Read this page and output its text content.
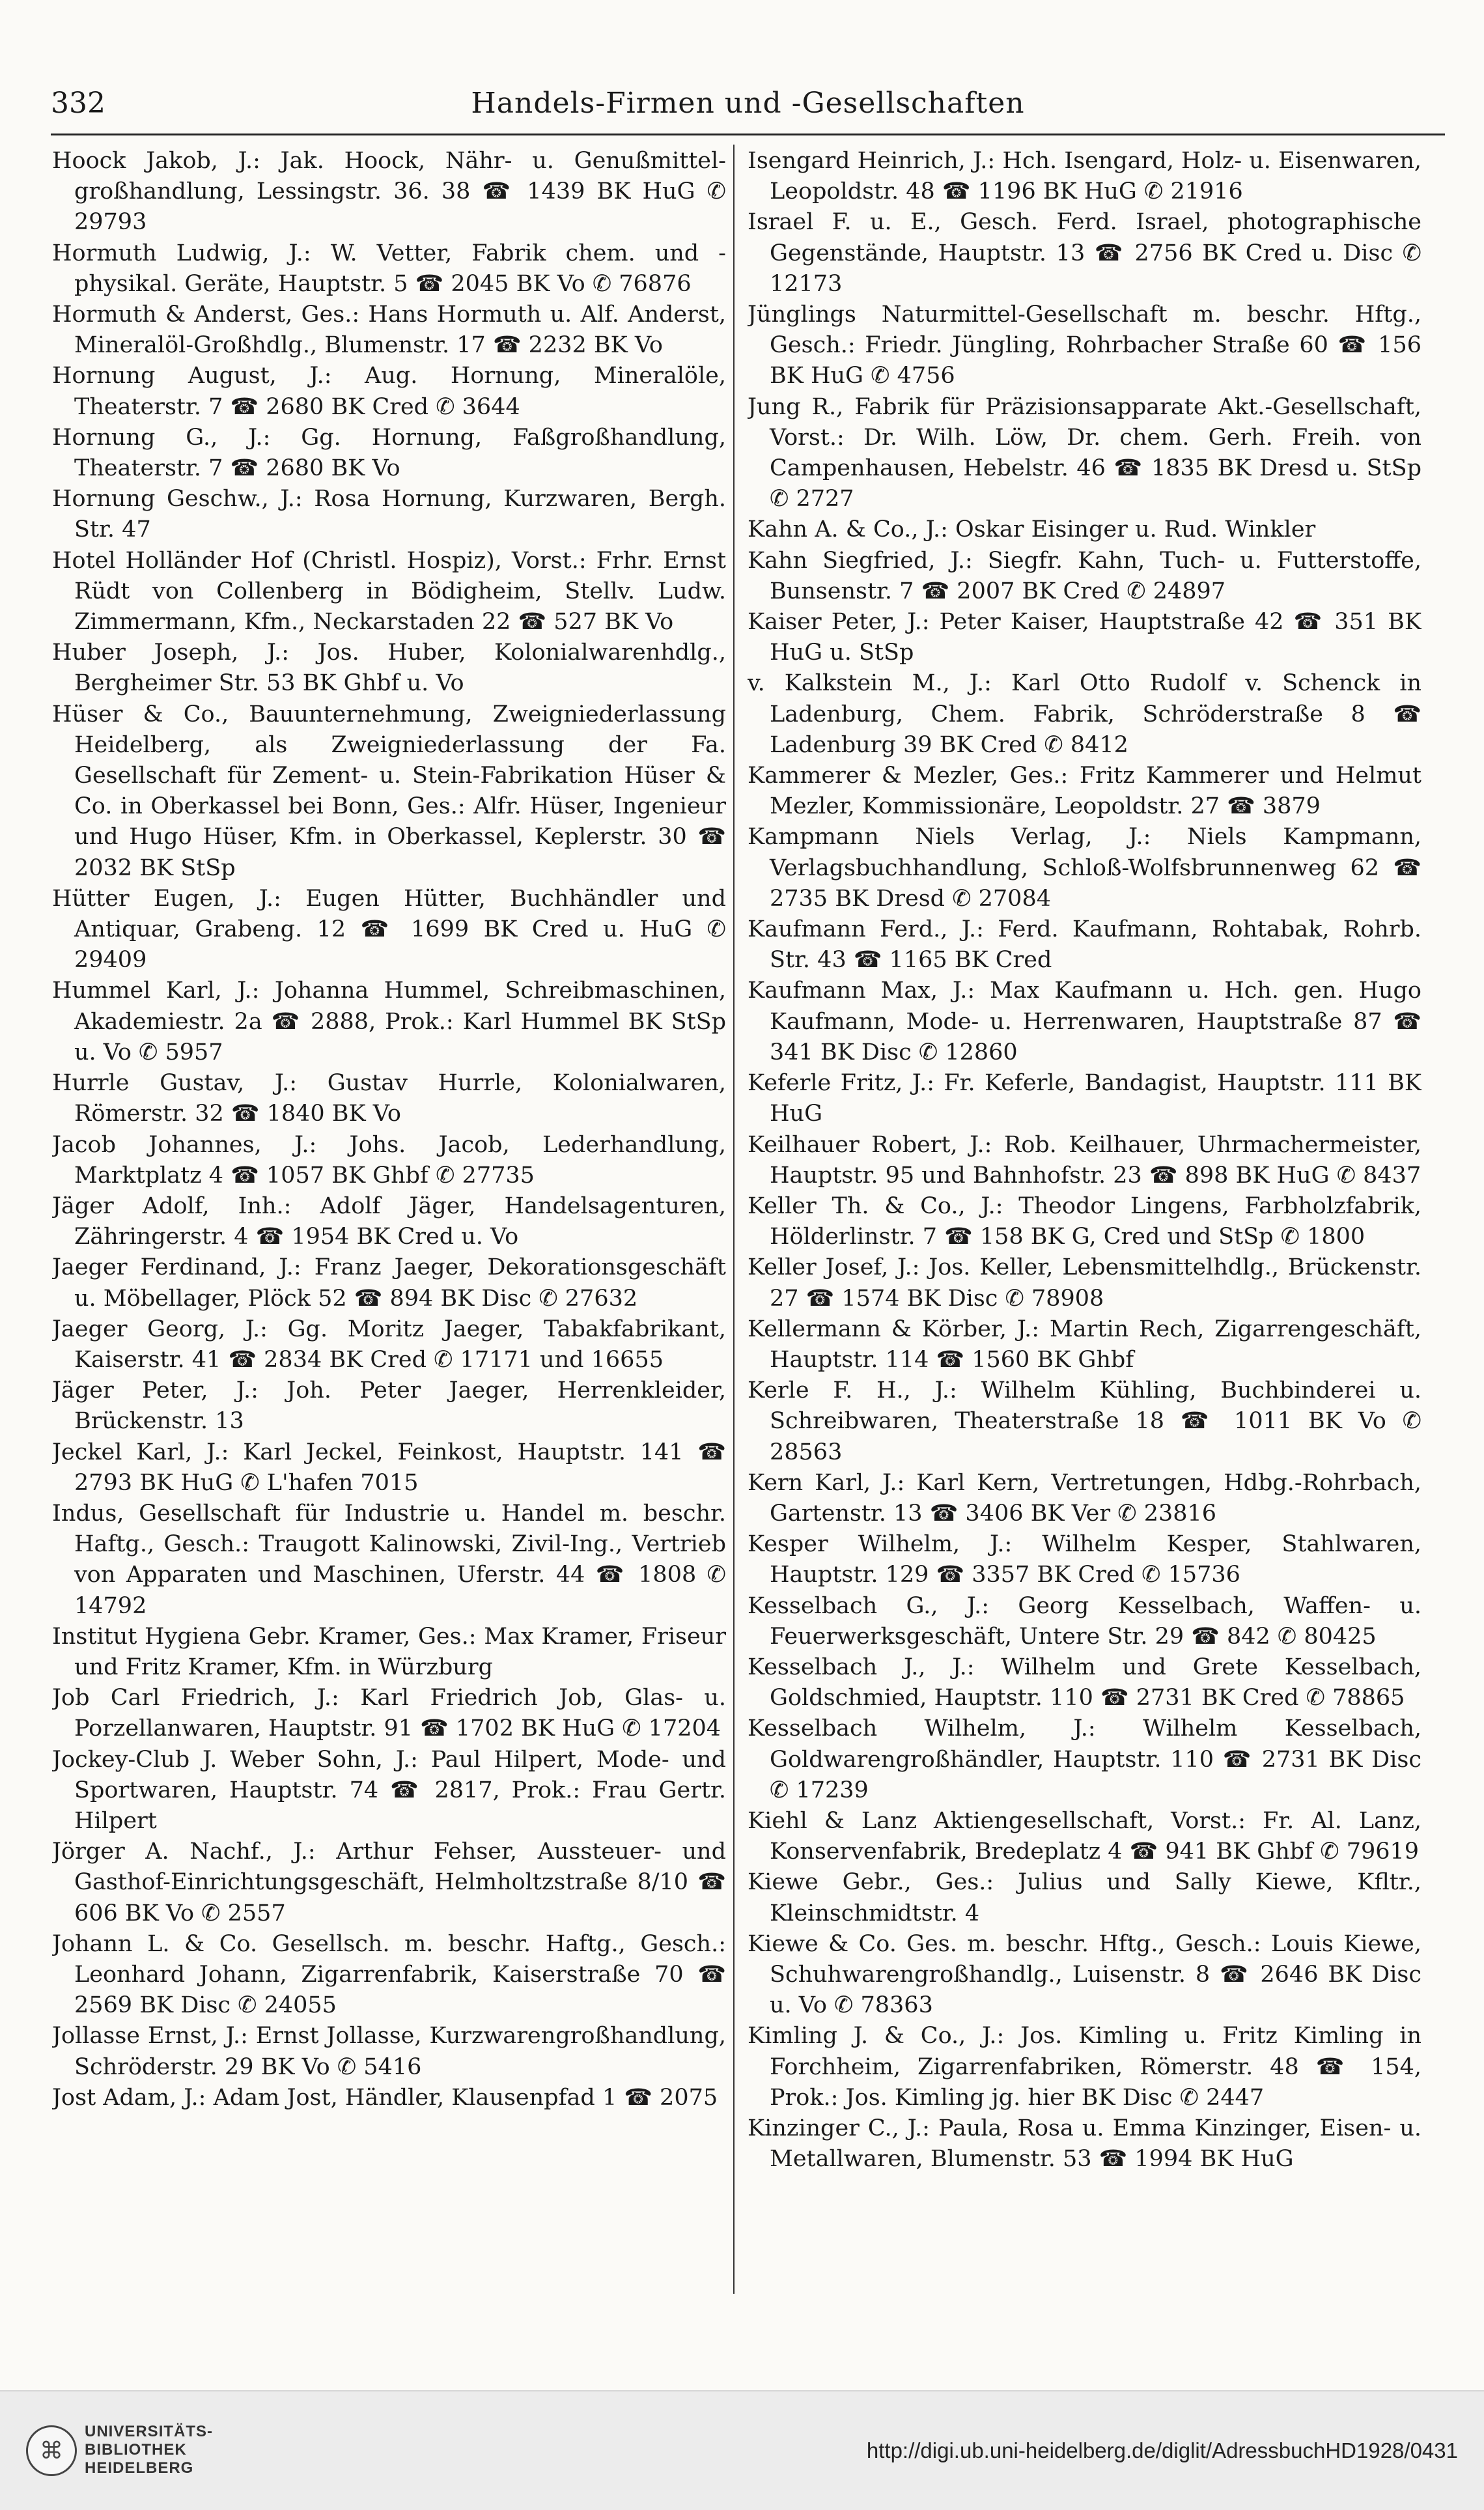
332	Handels-Firmen und -Gesellschaften

Hoock Jakob, J.: Jak. Hoock, Nähr- u. Genußmittel-großhandlung, Lessingstr. 36. 38 ☎ 1439 BK HuG ✆ 29793

Hormuth Ludwig, J.: W. Vetter, Fabrik chem. und -physikal. Geräte, Hauptstr. 5 ☎ 2045 BK Vo ✆ 76876

Hormuth & Anderst, Ges.: Hans Hormuth u. Alf. Anderst, Mineralöl-Großhdlg., Blumenstr. 17 ☎ 2232 BK Vo

Hornung August, J.: Aug. Hornung, Mineralöle, Theaterstr. 7 ☎ 2680 BK Cred ✆ 3644

Hornung G., J.: Gg. Hornung, Faßgroßhandlung, Theaterstr. 7 ☎ 2680 BK Vo

Hornung Geschw., J.: Rosa Hornung, Kurzwaren, Bergh. Str. 47

Hotel Holländer Hof (Christl. Hospiz), Vorst.: Frhr. Ernst Rüdt von Collenberg in Bödigheim, Stellv. Ludw. Zimmermann, Kfm., Neckarstaden 22 ☎ 527 BK Vo

Huber Joseph, J.: Jos. Huber, Kolonialwarenhdlg., Bergheimer Str. 53 BK Ghbf u. Vo

Hüser & Co., Bauunternehmung, Zweigniederlassung Heidelberg, als Zweigniederlassung der Fa. Gesellschaft für Zement- u. Stein-Fabrikation Hüser & Co. in Oberkassel bei Bonn, Ges.: Alfr. Hüser, Ingenieur und Hugo Hüser, Kfm. in Oberkassel, Keplerstr. 30 ☎ 2032 BK StSp

Hütter Eugen, J.: Eugen Hütter, Buchhändler und Antiquar, Grabeng. 12 ☎ 1699 BK Cred u. HuG ✆ 29409

Hummel Karl, J.: Johanna Hummel, Schreibmaschinen, Akademiestr. 2a ☎ 2888, Prok.: Karl Hummel BK StSp u. Vo ✆ 5957

Hurrle Gustav, J.: Gustav Hurrle, Kolonialwaren, Römerstr. 32 ☎ 1840 BK Vo

Jacob Johannes, J.: Johs. Jacob, Lederhandlung, Marktplatz 4 ☎ 1057 BK Ghbf ✆ 27735

Jäger Adolf, Inh.: Adolf Jäger, Handelsagenturen, Zähringerstr. 4 ☎ 1954 BK Cred u. Vo

Jaeger Ferdinand, J.: Franz Jaeger, Dekorationsgeschäft u. Möbellager, Plöck 52 ☎ 894 BK Disc ✆ 27632

Jaeger Georg, J.: Gg. Moritz Jaeger, Tabakfabrikant, Kaiserstr. 41 ☎ 2834 BK Cred ✆ 17171 und 16655

Jäger Peter, J.: Joh. Peter Jaeger, Herrenkleider, Brückenstr. 13

Jeckel Karl, J.: Karl Jeckel, Feinkost, Hauptstr. 141 ☎ 2793 BK HuG ✆ L'hafen 7015

Indus, Gesellschaft für Industrie u. Handel m. beschr. Haftg., Gesch.: Traugott Kalinowski, Zivil-Ing., Vertrieb von Apparaten und Maschinen, Uferstr. 44 ☎ 1808 ✆ 14792

Institut Hygiena Gebr. Kramer, Ges.: Max Kramer, Friseur und Fritz Kramer, Kfm. in Würzburg

Job Carl Friedrich, J.: Karl Friedrich Job, Glas- u. Porzellanwaren, Hauptstr. 91 ☎ 1702 BK HuG ✆ 17204

Jockey-Club J. Weber Sohn, J.: Paul Hilpert, Mode- und Sportwaren, Hauptstr. 74 ☎ 2817, Prok.: Frau Gertr. Hilpert

Jörger A. Nachf., J.: Arthur Fehser, Aussteuer- und Gasthof-Einrichtungsgeschäft, Helmholtzstraße 8/10 ☎ 606 BK Vo ✆ 2557

Johann L. & Co. Gesellsch. m. beschr. Haftg., Gesch.: Leonhard Johann, Zigarrenfabrik, Kaiserstraße 70 ☎ 2569 BK Disc ✆ 24055

Jollasse Ernst, J.: Ernst Jollasse, Kurzwarengroßhandlung, Schröderstr. 29 BK Vo ✆ 5416

Jost Adam, J.: Adam Jost, Händler, Klausenpfad 1 ☎ 2075

Isengard Heinrich, J.: Hch. Isengard, Holz- u. Eisenwaren, Leopoldstr. 48 ☎ 1196 BK HuG ✆ 21916

Israel F. u. E., Gesch. Ferd. Israel, photographische Gegenstände, Hauptstr. 13 ☎ 2756 BK Cred u. Disc ✆ 12173

Jünglings Naturmittel-Gesellschaft m. beschr. Hftg., Gesch.: Friedr. Jüngling, Rohrbacher Straße 60 ☎ 156 BK HuG ✆ 4756

Jung R., Fabrik für Präzisionsapparate Akt.-Gesellschaft, Vorst.: Dr. Wilh. Löw, Dr. chem. Gerh. Freih. von Campenhausen, Hebelstr. 46 ☎ 1835 BK Dresd u. StSp ✆ 2727

Kahn A. & Co., J.: Oskar Eisinger u. Rud. Winkler

Kahn Siegfried, J.: Siegfr. Kahn, Tuch- u. Futterstoffe, Bunsenstr. 7 ☎ 2007 BK Cred ✆ 24897

Kaiser Peter, J.: Peter Kaiser, Hauptstraße 42 ☎ 351 BK HuG u. StSp

v. Kalkstein M., J.: Karl Otto Rudolf v. Schenck in Ladenburg, Chem. Fabrik, Schröderstraße 8 ☎ Ladenburg 39 BK Cred ✆ 8412

Kammerer & Mezler, Ges.: Fritz Kammerer und Helmut Mezler, Kommissionäre, Leopoldstr. 27 ☎ 3879

Kampmann Niels Verlag, J.: Niels Kampmann, Verlagsbuchhandlung, Schloß-Wolfsbrunnenweg 62 ☎ 2735 BK Dresd ✆ 27084

Kaufmann Ferd., J.: Ferd. Kaufmann, Rohtabak, Rohrb. Str. 43 ☎ 1165 BK Cred

Kaufmann Max, J.: Max Kaufmann u. Hch. gen. Hugo Kaufmann, Mode- u. Herrenwaren, Hauptstraße 87 ☎ 341 BK Disc ✆ 12860

Keferle Fritz, J.: Fr. Keferle, Bandagist, Hauptstr. 111 BK HuG

Keilhauer Robert, J.: Rob. Keilhauer, Uhrmachermeister, Hauptstr. 95 und Bahnhofstr. 23 ☎ 898 BK HuG ✆ 8437

Keller Th. & Co., J.: Theodor Lingens, Farbholzfabrik, Hölderlinstr. 7 ☎ 158 BK G, Cred und StSp ✆ 1800

Keller Josef, J.: Jos. Keller, Lebensmittelhdlg., Brückenstr. 27 ☎ 1574 BK Disc ✆ 78908

Kellermann & Körber, J.: Martin Rech, Zigarrengeschäft, Hauptstr. 114 ☎ 1560 BK Ghbf

Kerle F. H., J.: Wilhelm Kühling, Buchbinderei u. Schreibwaren, Theaterstraße 18 ☎ 1011 BK Vo ✆ 28563

Kern Karl, J.: Karl Kern, Vertretungen, Hdbg.-Rohrbach, Gartenstr. 13 ☎ 3406 BK Ver ✆ 23816

Kesper Wilhelm, J.: Wilhelm Kesper, Stahlwaren, Hauptstr. 129 ☎ 3357 BK Cred ✆ 15736

Kesselbach G., J.: Georg Kesselbach, Waffen- u. Feuerwerksgeschäft, Untere Str. 29 ☎ 842 ✆ 80425

Kesselbach J., J.: Wilhelm und Grete Kesselbach, Goldschmied, Hauptstr. 110 ☎ 2731 BK Cred ✆ 78865

Kesselbach Wilhelm, J.: Wilhelm Kesselbach, Goldwarengroßhändler, Hauptstr. 110 ☎ 2731 BK Disc ✆ 17239

Kiehl & Lanz Aktiengesellschaft, Vorst.: Fr. Al. Lanz, Konservenfabrik, Bredeplatz 4 ☎ 941 BK Ghbf ✆ 79619

Kiewe Gebr., Ges.: Julius und Sally Kiewe, Kfltr., Kleinschmidtstr. 4

Kiewe & Co. Ges. m. beschr. Hftg., Gesch.: Louis Kiewe, Schuhwarengroßhandlg., Luisenstr. 8 ☎ 2646 BK Disc u. Vo ✆ 78363

Kimling J. & Co., J.: Jos. Kimling u. Fritz Kimling in Forchheim, Zigarrenfabriken, Römerstr. 48 ☎ 154, Prok.: Jos. Kimling jg. hier BK Disc ✆ 2447

Kinzinger C., J.: Paula, Rosa u. Emma Kinzinger, Eisen- u. Metallwaren, Blumenstr. 53 ☎ 1994 BK HuG

⌘
UNIVERSITÄTS-
BIBLIOTHEK
HEIDELBERG
http://digi.ub.uni-heidelberg.de/diglit/AdressbuchHD1928/0431
